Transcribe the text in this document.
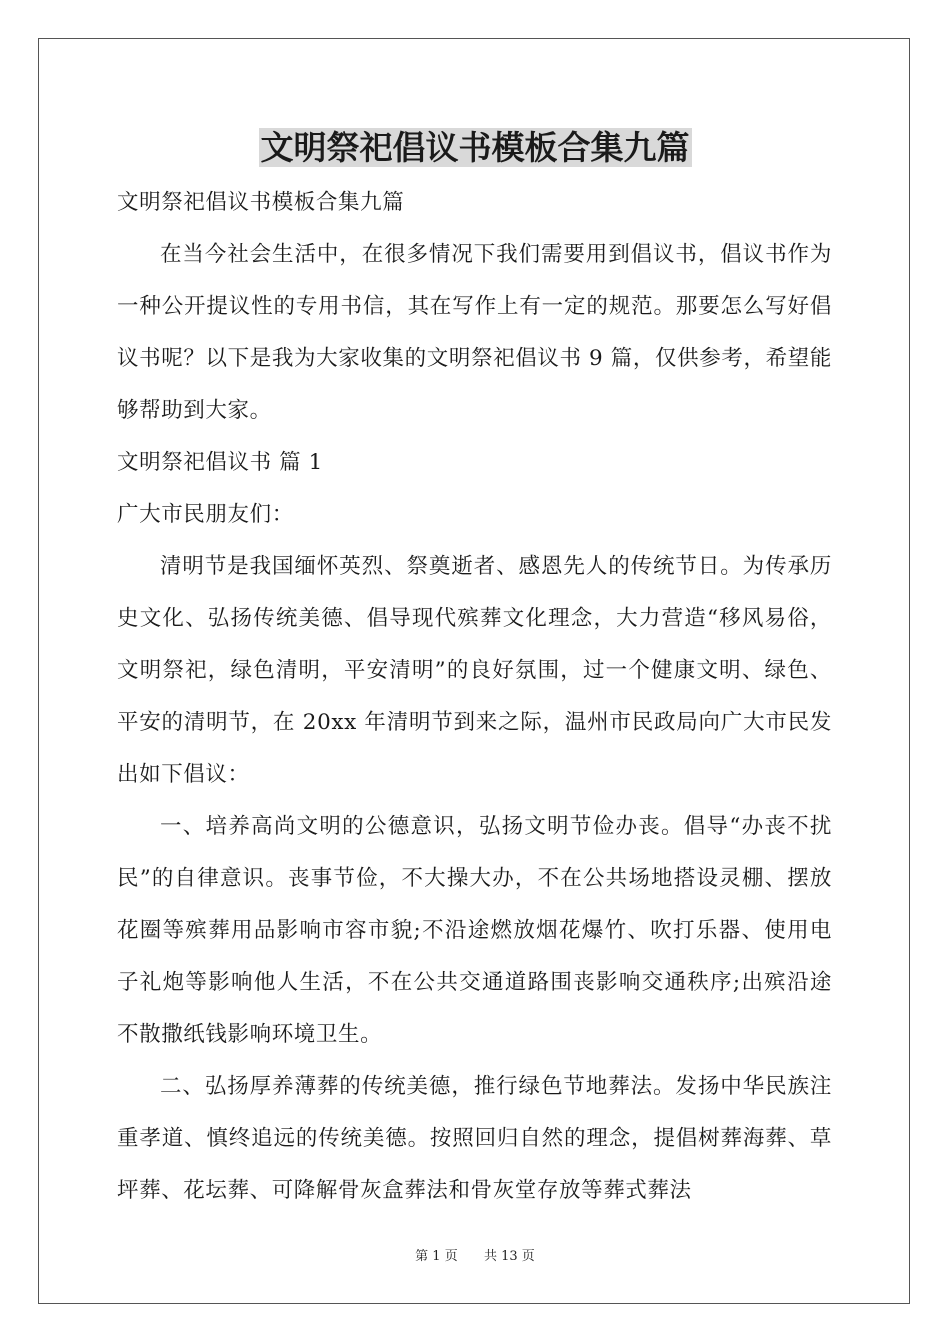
文明祭祀倡议书模板合集九篇

文明祭祀倡议书模板合集九篇

在当今社会生活中，在很多情况下我们需要用到倡议书，倡议书作为一种公开提议性的专用书信，其在写作上有一定的规范。那要怎么写好倡议书呢？以下是我为大家收集的文明祭祀倡议书 9 篇，仅供参考，希望能够帮助到大家。

文明祭祀倡议书 篇 1

广大市民朋友们：

清明节是我国缅怀英烈、祭奠逝者、感恩先人的传统节日。为传承历史文化、弘扬传统美德、倡导现代殡葬文化理念，大力营造“移风易俗，文明祭祀，绿色清明，平安清明”的良好氛围，过一个健康文明、绿色、平安的清明节，在 20xx 年清明节到来之际，温州市民政局向广大市民发出如下倡议：

一、培养高尚文明的公德意识，弘扬文明节俭办丧。倡导“办丧不扰民”的自律意识。丧事节俭，不大操大办，不在公共场地搭设灵棚、摆放花圈等殡葬用品影响市容市貌;不沿途燃放烟花爆竹、吹打乐器、使用电子礼炮等影响他人生活，不在公共交通道路围丧影响交通秩序;出殡沿途不散撒纸钱影响环境卫生。

二、弘扬厚养薄葬的传统美德，推行绿色节地葬法。发扬中华民族注重孝道、慎终追远的传统美德。按照回归自然的理念，提倡树葬海葬、草坪葬、花坛葬、可降解骨灰盒葬法和骨灰堂存放等葬式葬法

第 1 页 共 13 页
